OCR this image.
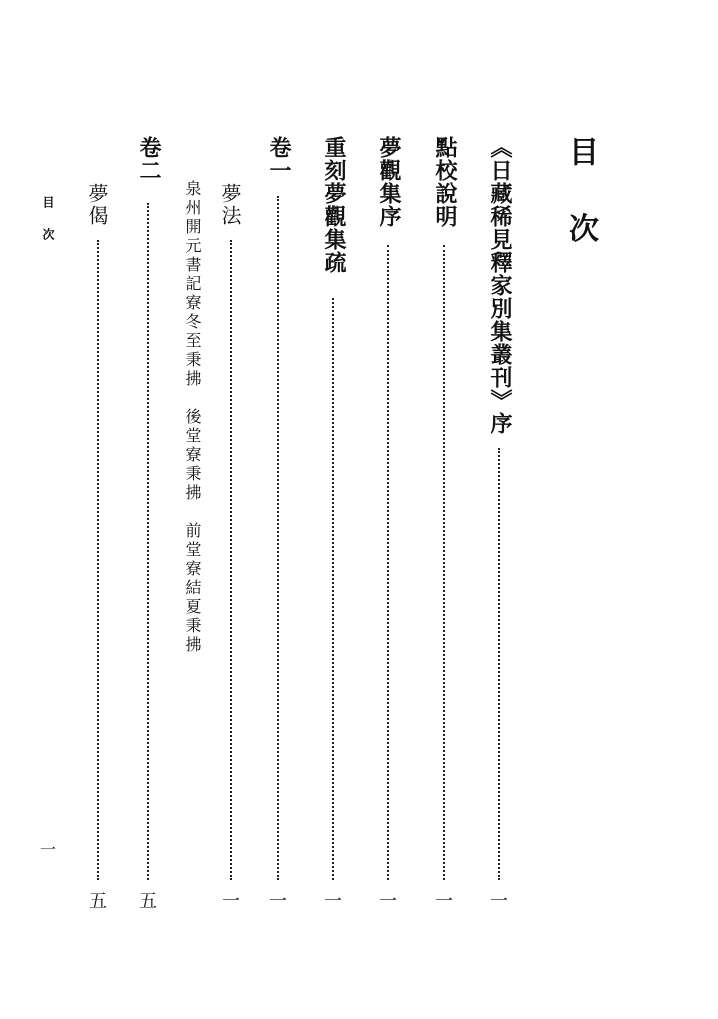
目 次
《日藏稀見釋家別集叢刊》序
一
點校說明
一
夢觀集序
一
重刻夢觀集疏
一
卷一
一
夢法
一
泉州開元書記寮冬至秉拂　後堂寮秉拂　前堂寮結夏秉拂
卷二
五
夢偈
五
目 次
一
